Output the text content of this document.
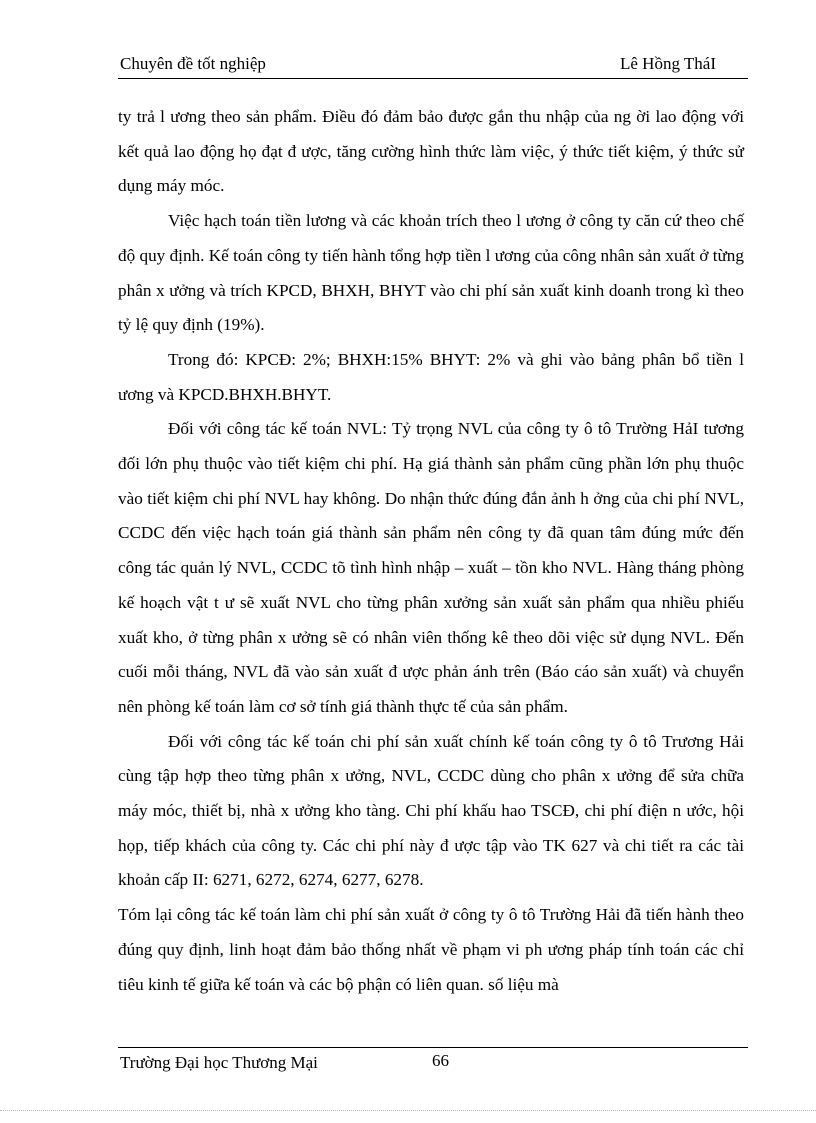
Chuyên đề tốt nghiệp	Lê Hồng TháI

ty trả l ương theo sản phẩm. Điều đó đảm bảo được gắn thu nhập của ng ời lao động với kết quả lao động họ đạt đ ược, tăng cường hình thức làm việc, ý thức tiết kiệm, ý thức sử dụng máy móc.

Việc hạch toán tiền lương và các khoản trích theo l ương ở công ty căn cứ theo chế độ quy định. Kế toán công ty tiến hành tổng hợp tiền l ương của công nhân sản xuất ở từng phân x ưởng và trích KPCD, BHXH, BHYT vào chi phí sản xuất kinh doanh trong kì theo tỷ lệ quy định (19%).

Trong đó: KPCĐ: 2%; BHXH:15% BHYT: 2% và ghi vào bảng phân bổ tiền l ương và KPCD.BHXH.BHYT.

Đối với công tác kế toán NVL: Tỷ trọng NVL của công ty ô tô Trường HảI tương đối lớn phụ thuộc vào tiết kiệm chi phí. Hạ giá thành sản phẩm cũng phần lớn phụ thuộc vào tiết kiệm chi phí NVL hay không. Do nhận thức đúng đắn ảnh h ởng của chi phí NVL, CCDC đến việc hạch toán giá thành sản phẩm nên công ty đã quan tâm đúng mức đến công tác quản lý NVL, CCDC tõ tình hình nhập – xuất – tồn kho NVL. Hàng tháng phòng kế hoạch vật t ư sẽ xuất NVL cho từng phân xưởng sản xuất sản phẩm qua nhiều phiếu xuất kho, ở từng phân x ưởng sẽ có nhân viên thống kê theo dõi việc sử dụng NVL. Đến cuối mỗi tháng, NVL đã vào sản xuất đ ược phản ánh trên (Báo cáo sản xuất) và chuyển nên phòng kế toán làm cơ sở tính giá thành thực tế của sản phẩm.

Đối với công tác kế toán chi phí sản xuất chính kế toán công ty ô tô Trương Hải cùng tập hợp theo từng phân x ưởng, NVL, CCDC dùng cho phân x ưởng để sửa chữa máy móc, thiết bị, nhà x ưởng kho tàng. Chi phí khấu hao TSCĐ, chi phí điện n ước, hội họp, tiếp khách của công ty. Các chi phí này đ ược tập vào TK 627 và chi tiết ra các tài khoản cấp II: 6271, 6272, 6274, 6277, 6278.

Tóm lại công tác kế toán làm chi phí sản xuất ở công ty ô tô Trường Hải đã tiến hành theo đúng quy định, linh hoạt đảm bảo thống nhất về phạm vi ph ương pháp tính toán các chỉ tiêu kinh tế giữa kế toán và các bộ phận có liên quan. số liệu mà

Trường Đại học Thương Mại	66
